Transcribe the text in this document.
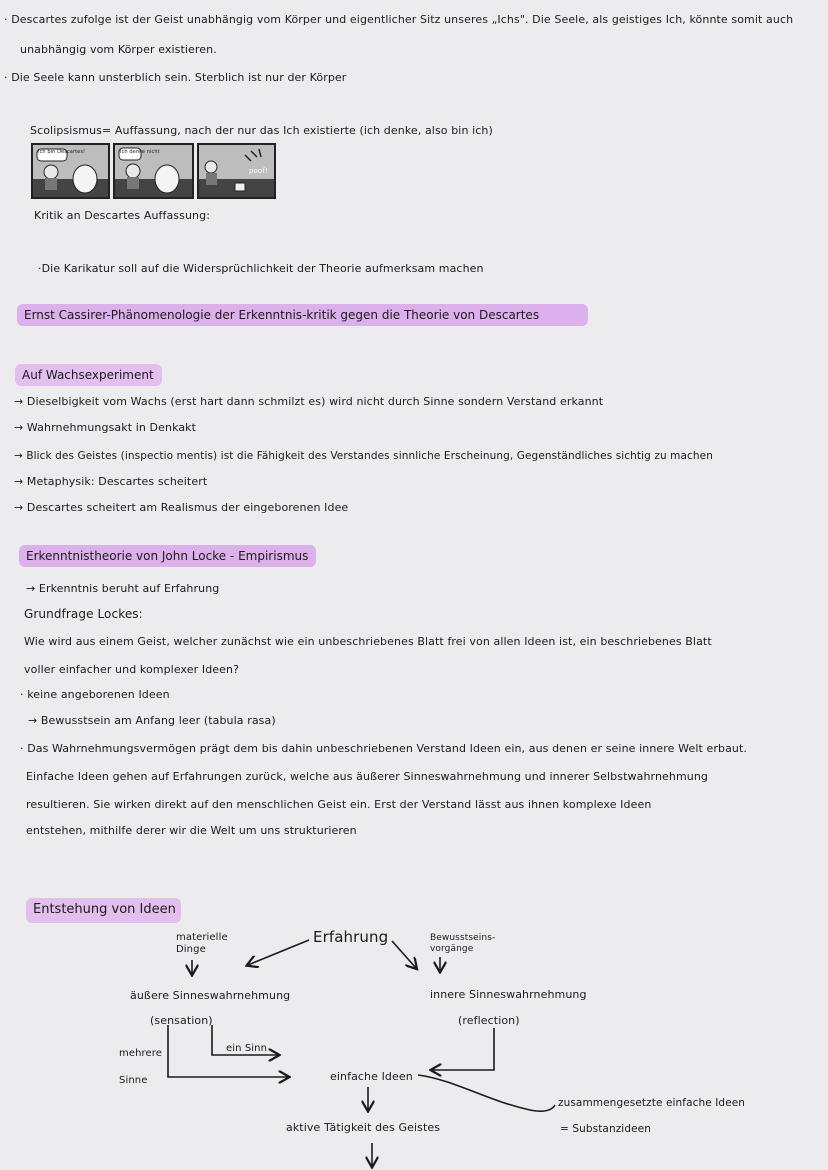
· Descartes zufolge ist der Geist unabhängig vom Körper und eigentlicher Sitz unseres „Ichs". Die Seele, als geistiges Ich, könnte somit auch
unabhängig vom Körper existieren.
· Die Seele kann unsterblich sein. Sterblich ist nur der Körper
Scolipsismus= Auffassung, nach der nur das Ich existierte (ich denke, also bin ich)
Ich bin Descartes!	Ich denke nicht
poof!
Kritik an Descartes Auffassung:
·Die Karikatur soll auf die Widersprüchlichkeit der Theorie aufmerksam machen
Ernst Cassirer-Phänomenologie der Erkenntnis-kritik gegen die Theorie von Descartes
Auf Wachsexperiment
→ Dieselbigkeit vom Wachs (erst hart dann schmilzt es) wird nicht durch Sinne sondern Verstand erkannt
→ Wahrnehmungsakt in Denkakt
→ Blick des Geistes (inspectio mentis) ist die Fähigkeit des Verstandes sinnliche Erscheinung, Gegenständliches sichtig zu machen
→ Metaphysik: Descartes scheitert
→ Descartes scheitert am Realismus der eingeborenen Idee
Erkenntnistheorie von John Locke - Empirismus
→ Erkenntnis beruht auf Erfahrung
Grundfrage Lockes:
Wie wird aus einem Geist, welcher zunächst wie ein unbeschriebenes Blatt frei von allen Ideen ist, ein beschriebenes Blatt
voller einfacher und komplexer Ideen?
· keine angeborenen Ideen
→ Bewusstsein am Anfang leer (tabula rasa)
· Das Wahrnehmungsvermögen prägt dem bis dahin unbeschriebenen Verstand Ideen ein, aus denen er seine innere Welt erbaut.
Einfache Ideen gehen auf Erfahrungen zurück, welche aus äußerer Sinneswahrnehmung und innerer Selbstwahrnehmung
resultieren. Sie wirken direkt auf den menschlichen Geist ein. Erst der Verstand lässt aus ihnen komplexe Ideen
entstehen, mithilfe derer wir die Welt um uns strukturieren
Entstehung von Ideen
Erfahrung
materielle
Dinge
Bewusstseins-
vorgänge
äußere Sinneswahrnehmung
(sensation)
innere Sinneswahrnehmung
(reflection)
mehrere
Sinne
ein Sinn
einfache Ideen
zusammengesetzte einfache Ideen
= Substanzideen
aktive Tätigkeit des Geistes
